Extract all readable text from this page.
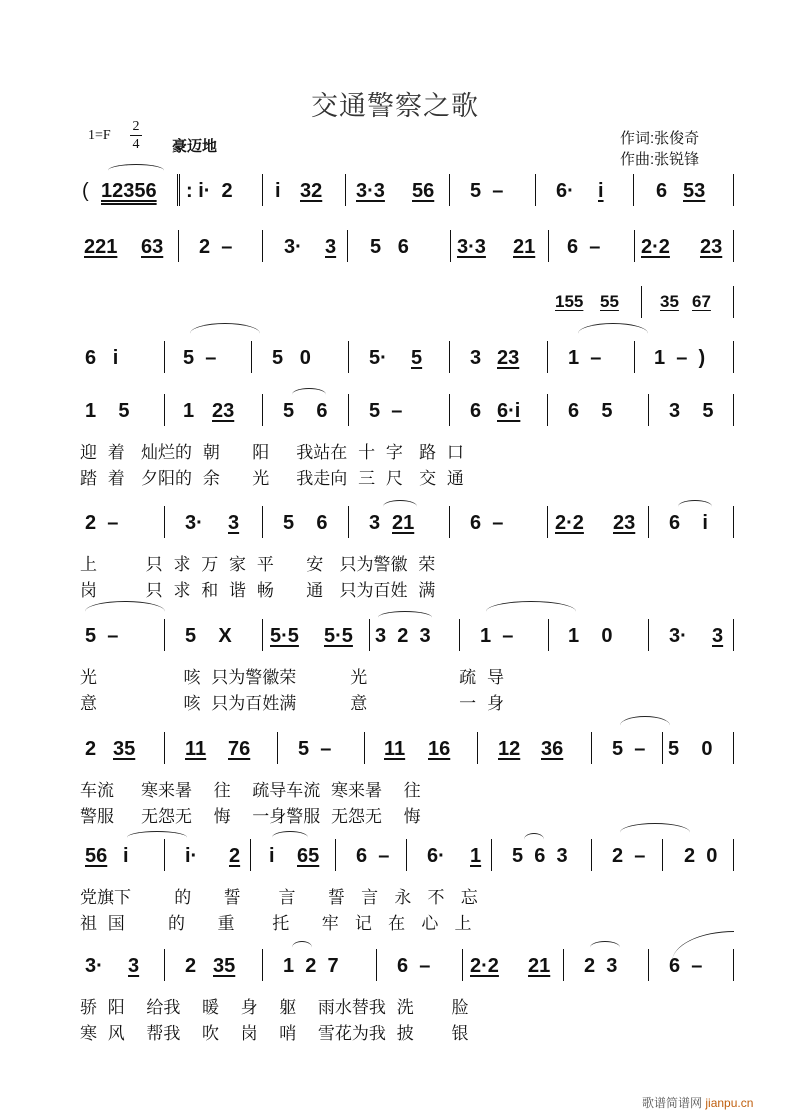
交通警察之歌
1=F
2
4 豪迈地	作词:张俊奇
作曲:张锐锋
( 12356 : i·  2 i 32 3·3 56 5  –	6· i	6 53
221 63 2  –	3· 3 5   6 3·3 21 6  – 2·2 23
155 55 35 67
6   i	5  –	5   0	5· 5 3 23 1  –	1  –  )
1    5	1 23 5    6 5  –	6 6·i 6    5	3    5
迎  着   灿烂的  朝      阳     我站在  十  字   路  口
踏  着   夕阳的  余      光     我走向  三  尺   交  通
2  –	3· 3 5    6 3 21	6  –	2·2 23 6    i
上         只  求  万  家  平      安   只为警徽  荣
岗         只  求  和  谐  畅      通   只为百姓  满
5  –	5    X 5·5 5·5 3  2  3 1  –	1    0	3· 3
光                咳  只为警徽荣          光                 疏  导
意                咳  只为百姓满          意                 一  身
2 35 11 76 5  –	11 16 12 36 5  – 5    0
车流     寒来暑    往    疏导车流  寒来暑    往
警服     无怨无    悔    一身警服  无怨无    悔
56 i	i· 2 i 65 6  – 6· 1 5  6  3 2  – 2  0
党旗下        的      誓       言      誓   言   永   不   忘
祖  国        的      重       托      牢   记   在   心   上
3· 3 2 35 1  2  7	6  – 2·2 21 2  3	6  –
骄  阳    给我    暖    身    躯    雨水替我  洗       脸
寒  风    帮我    吹    岗    哨    雪花为我  披       银
歌谱简谱网 jianpu.cn
